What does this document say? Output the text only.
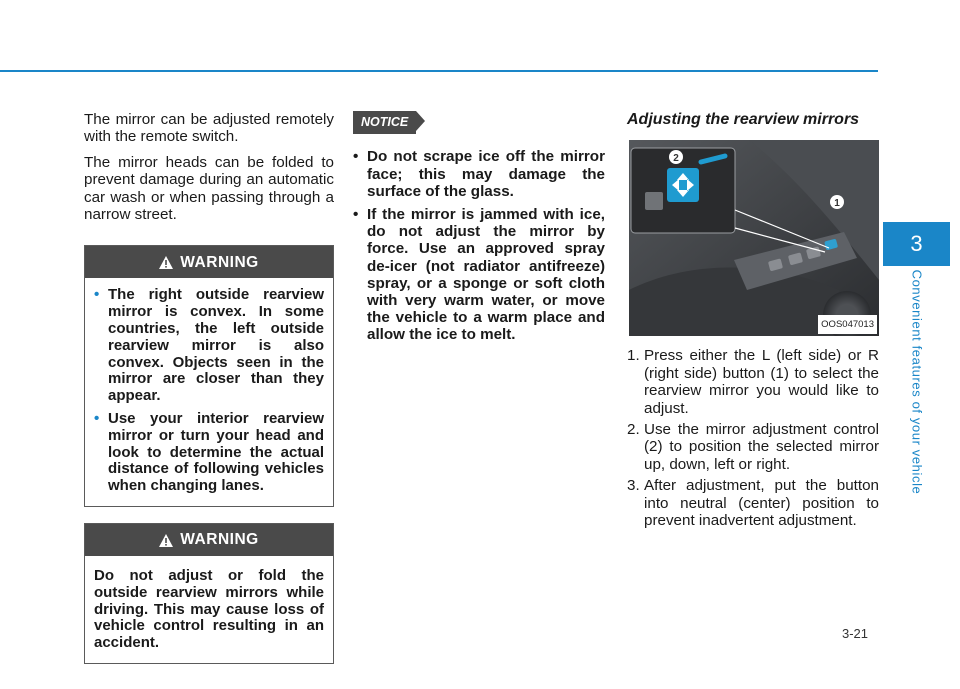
The mirror can be adjusted remotely with the remote switch.

The mirror heads can be folded to prevent damage during an automatic car wash or when passing through a narrow street.

WARNING
• The right outside rearview mirror is convex. In some countries, the left outside rearview mirror is also convex. Objects seen in the mirror are closer than they appear.
• Use your interior rearview mirror or turn your head and look to determine the actual distance of following vehicles when changing lanes.
WARNING

Do not adjust or fold the outside rearview mirrors while driving. This may cause loss of vehicle control resulting in an accident.

NOTICE
• Do not scrape ice off the mirror face; this may damage the surface of the glass.
• If the mirror is jammed with ice, do not adjust the mirror by force. Use an approved spray de-icer (not radiator antifreeze) spray, or a sponge or soft cloth with very warm water, or move the vehicle to a warm place and allow the ice to melt.
Adjusting the rearview mirrors
2
1
OOS047013
1. Press either the L (left side) or R (right side) button (1) to select the rearview mirror you would like to adjust.
2. Use the mirror adjustment control (2) to position the selected mirror up, down, left or right.
3. After adjustment, put the button into neutral (center) position to prevent inadvertent adjustment.
3
Convenient features of your vehicle
3-21
